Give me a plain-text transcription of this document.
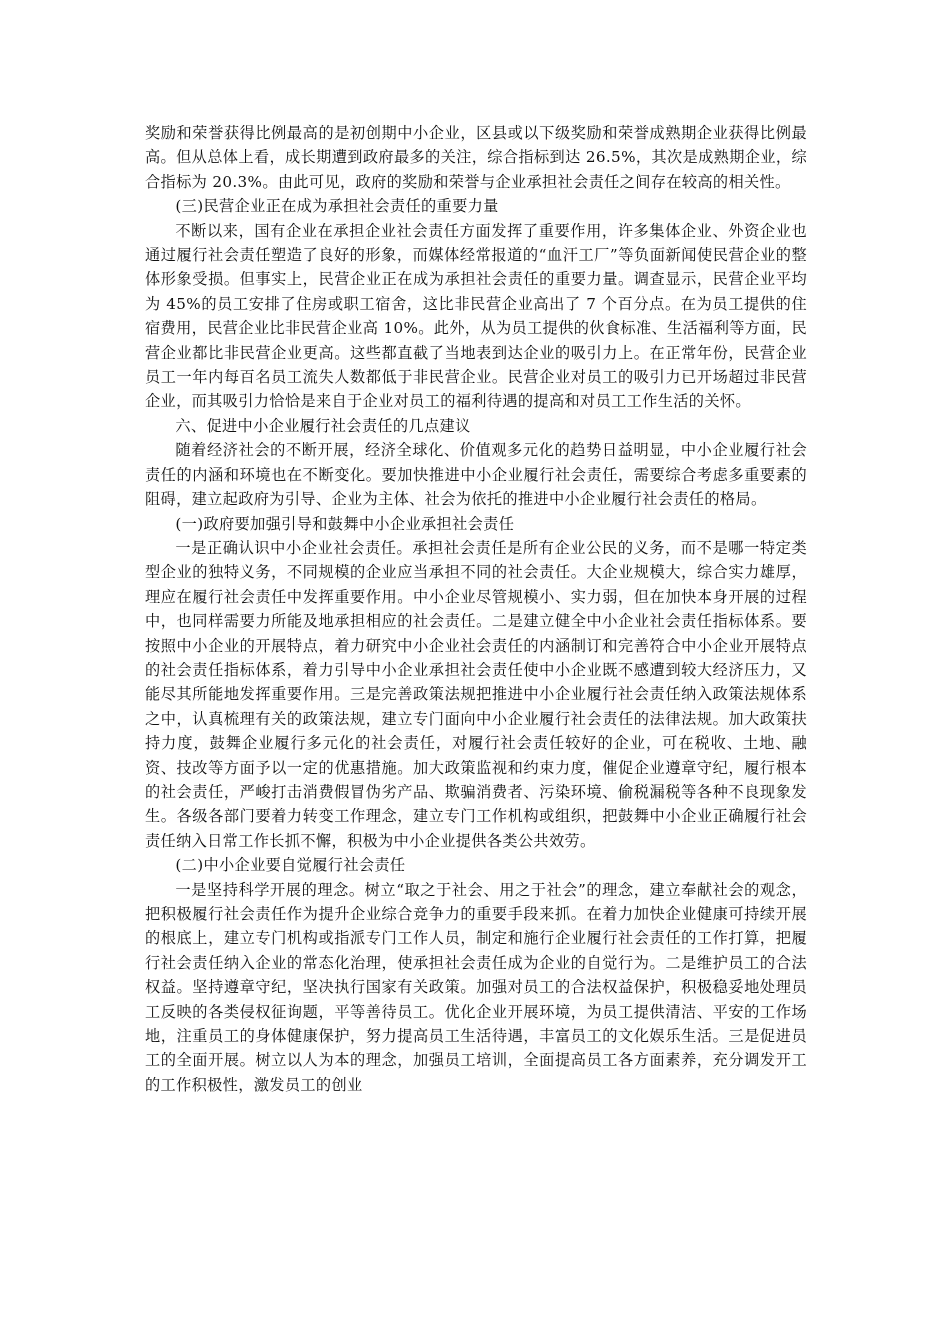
奖励和荣誉获得比例最高的是初创期中小企业，区县或以下级奖励和荣誉成熟期企业获得比例最高。但从总体上看，成长期遭到政府最多的关注，综合指标到达 26.5%，其次是成熟期企业，综合指标为 20.3%。由此可见，政府的奖励和荣誉与企业承担社会责任之间存在较高的相关性。

(三)民营企业正在成为承担社会责任的重要力量

不断以来，国有企业在承担企业社会责任方面发挥了重要作用，许多集体企业、外资企业也通过履行社会责任塑造了良好的形象，而媒体经常报道的“血汗工厂”等负面新闻使民营企业的整体形象受损。但事实上，民营企业正在成为承担社会责任的重要力量。调查显示，民营企业平均为 45%的员工安排了住房或职工宿舍，这比非民营企业高出了 7 个百分点。在为员工提供的住宿费用，民营企业比非民营企业高 10%。此外，从为员工提供的伙食标准、生活福利等方面，民营企业都比非民营企业更高。这些都直截了当地表到达企业的吸引力上。在正常年份，民营企业员工一年内每百名员工流失人数都低于非民营企业。民营企业对员工的吸引力已开场超过非民营企业，而其吸引力恰恰是来自于企业对员工的福利待遇的提高和对员工工作生活的关怀。

六、促进中小企业履行社会责任的几点建议

随着经济社会的不断开展，经济全球化、价值观多元化的趋势日益明显，中小企业履行社会责任的内涵和环境也在不断变化。要加快推进中小企业履行社会责任，需要综合考虑多重要素的阻碍，建立起政府为引导、企业为主体、社会为依托的推进中小企业履行社会责任的格局。

(一)政府要加强引导和鼓舞中小企业承担社会责任

一是正确认识中小企业社会责任。承担社会责任是所有企业公民的义务，而不是哪一特定类型企业的独特义务，不同规模的企业应当承担不同的社会责任。大企业规模大，综合实力雄厚，理应在履行社会责任中发挥重要作用。中小企业尽管规模小、实力弱，但在加快本身开展的过程中，也同样需要力所能及地承担相应的社会责任。二是建立健全中小企业社会责任指标体系。要按照中小企业的开展特点，着力研究中小企业社会责任的内涵制订和完善符合中小企业开展特点的社会责任指标体系，着力引导中小企业承担社会责任使中小企业既不感遭到较大经济压力，又能尽其所能地发挥重要作用。三是完善政策法规把推进中小企业履行社会责任纳入政策法规体系之中，认真梳理有关的政策法规，建立专门面向中小企业履行社会责任的法律法规。加大政策扶持力度，鼓舞企业履行多元化的社会责任，对履行社会责任较好的企业，可在税收、土地、融资、技改等方面予以一定的优惠措施。加大政策监视和约束力度，催促企业遵章守纪，履行根本的社会责任，严峻打击消费假冒伪劣产品、欺骗消费者、污染环境、偷税漏税等各种不良现象发生。各级各部门要着力转变工作理念，建立专门工作机构或组织，把鼓舞中小企业正确履行社会责任纳入日常工作长抓不懈，积极为中小企业提供各类公共效劳。

(二)中小企业要自觉履行社会责任

一是坚持科学开展的理念。树立“取之于社会、用之于社会”的理念，建立奉献社会的观念，把积极履行社会责任作为提升企业综合竞争力的重要手段来抓。在着力加快企业健康可持续开展的根底上，建立专门机构或指派专门工作人员，制定和施行企业履行社会责任的工作打算，把履行社会责任纳入企业的常态化治理，使承担社会责任成为企业的自觉行为。二是维护员工的合法权益。坚持遵章守纪，坚决执行国家有关政策。加强对员工的合法权益保护，积极稳妥地处理员工反映的各类侵权征询题，平等善待员工。优化企业开展环境，为员工提供清洁、平安的工作场地，注重员工的身体健康保护，努力提高员工生活待遇，丰富员工的文化娱乐生活。三是促进员工的全面开展。树立以人为本的理念，加强员工培训，全面提高员工各方面素养，充分调发开工的工作积极性，激发员工的创业
